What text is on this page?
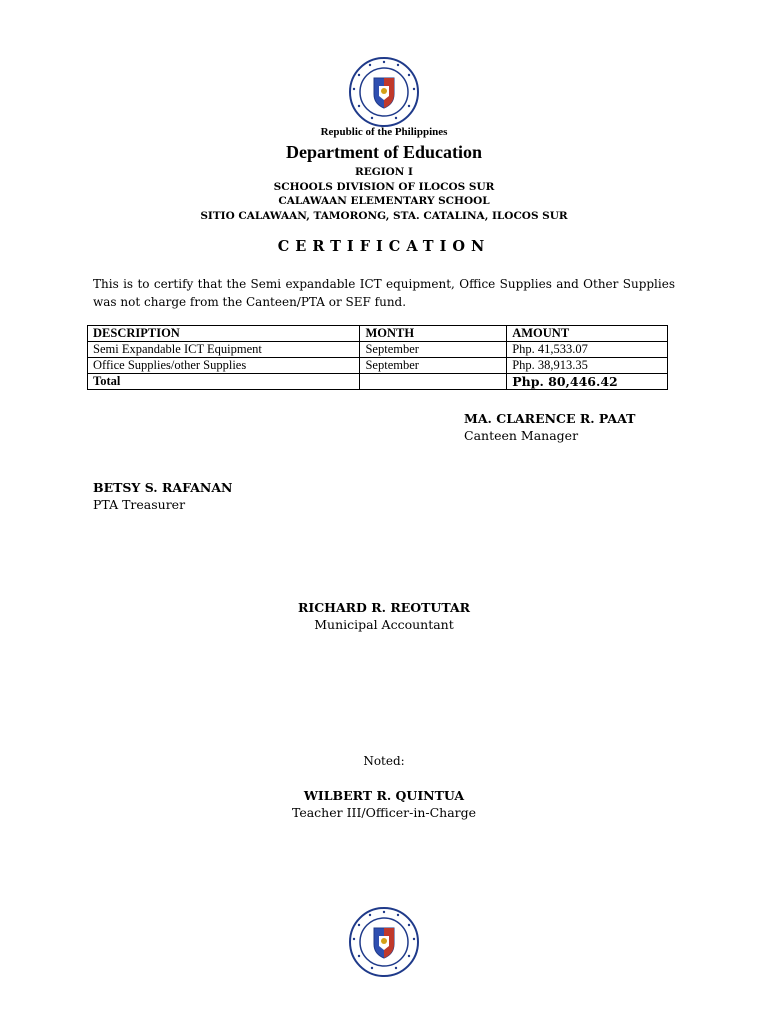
Republic of the Philippines

Department of Education

REGION I

SCHOOLS DIVISION OF ILOCOS SUR

CALAWAAN ELEMENTARY SCHOOL

SITIO CALAWAAN, TAMORONG, STA. CATALINA, ILOCOS SUR

CERTIFICATION
This is to certify that the Semi expandable ICT equipment, Office Supplies and Other Supplies was not charge from the Canteen/PTA or SEF fund.
DESCRIPTION	MONTH	AMOUNT
Semi Expandable ICT Equipment	September	Php. 41,533.07
Office Supplies/other Supplies	September	Php. 38,913.35
Total		Php. 80,446.42
MA. CLARENCE R. PAAT
Canteen Manager
BETSY S. RAFANAN
PTA Treasurer
RICHARD R. REOTUTAR
Municipal Accountant
Noted:
WILBERT R. QUINTUA
Teacher III/Officer-in-Charge
